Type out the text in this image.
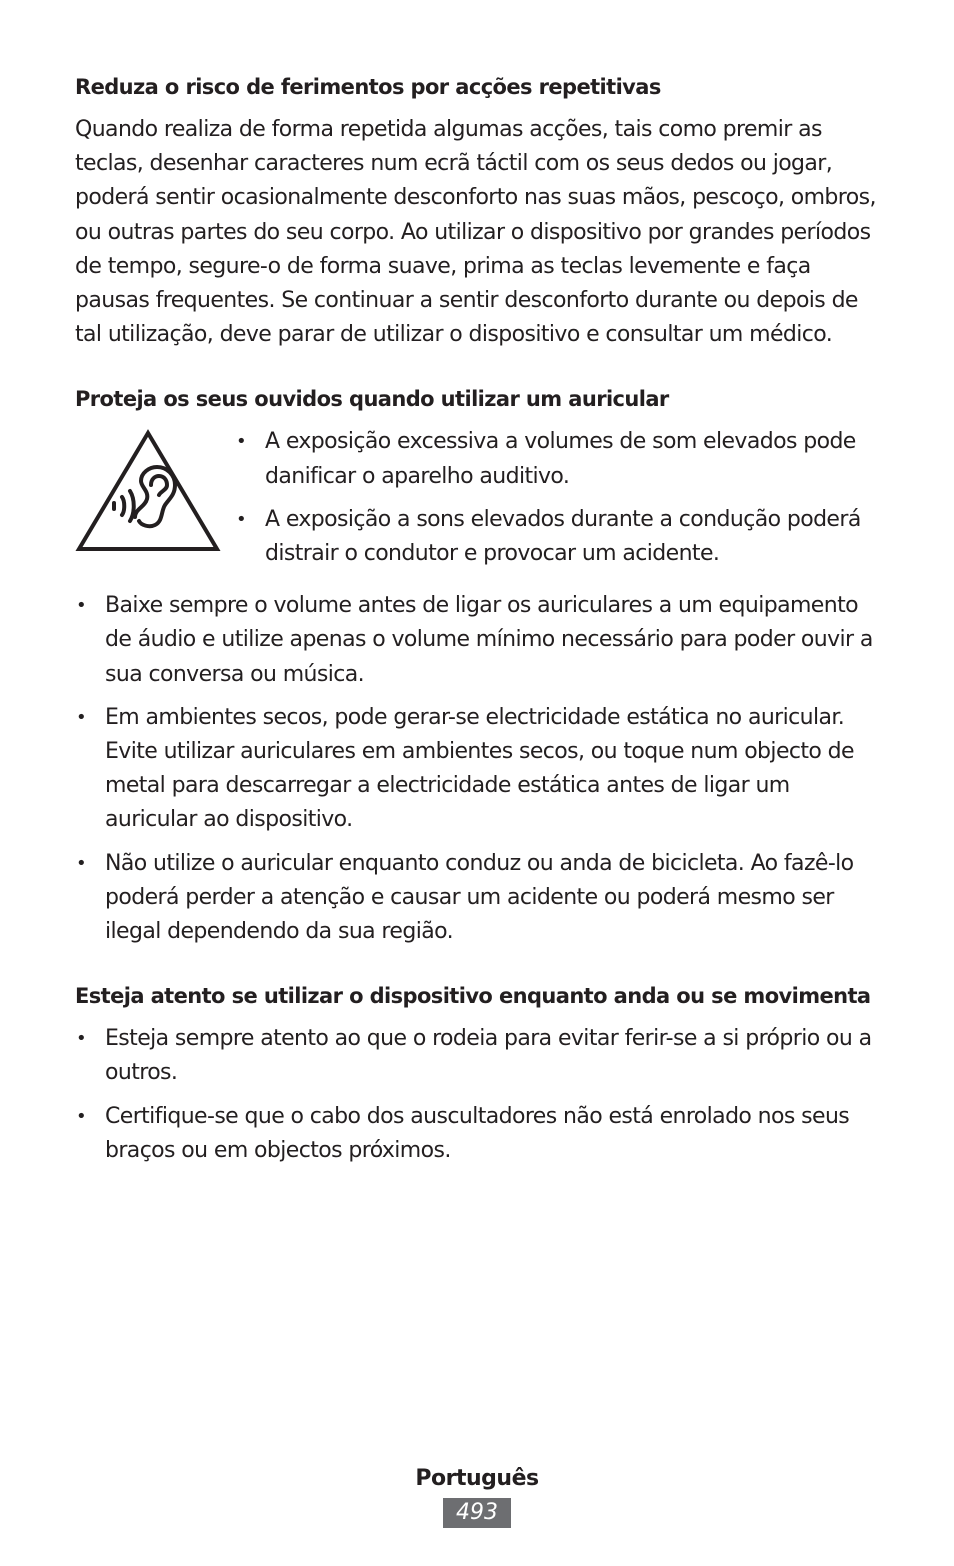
Reduza o risco de ferimentos por acções repetitivas

Quando realiza de forma repetida algumas acções, tais como premir as teclas, desenhar caracteres num ecrã táctil com os seus dedos ou jogar, poderá sentir ocasionalmente desconforto nas suas mãos, pescoço, ombros, ou outras partes do seu corpo. Ao utilizar o dispositivo por grandes períodos de tempo, segure-o de forma suave, prima as teclas levemente e faça pausas frequentes. Se continuar a sentir desconforto durante ou depois de tal utilização, deve parar de utilizar o dispositivo e consultar um médico.

Proteja os seus ouvidos quando utilizar um auricular
• A exposição excessiva a volumes de som elevados pode danificar o aparelho auditivo.
• A exposição a sons elevados durante a condução poderá distrair o condutor e provocar um acidente.
• Baixe sempre o volume antes de ligar os auriculares a um equipamento de áudio e utilize apenas o volume mínimo necessário para poder ouvir a sua conversa ou música.
• Em ambientes secos, pode gerar-se electricidade estática no auricular. Evite utilizar auriculares em ambientes secos, ou toque num objecto de metal para descarregar a electricidade estática antes de ligar um auricular ao dispositivo.
• Não utilize o auricular enquanto conduz ou anda de bicicleta. Ao fazê-lo poderá perder a atenção e causar um acidente ou poderá mesmo ser ilegal dependendo da sua região.
Esteja atento se utilizar o dispositivo enquanto anda ou se movimenta
• Esteja sempre atento ao que o rodeia para evitar ferir-se a si próprio ou a outros.
• Certifique-se que o cabo dos auscultadores não está enrolado nos seus braços ou em objectos próximos.
Português
493
